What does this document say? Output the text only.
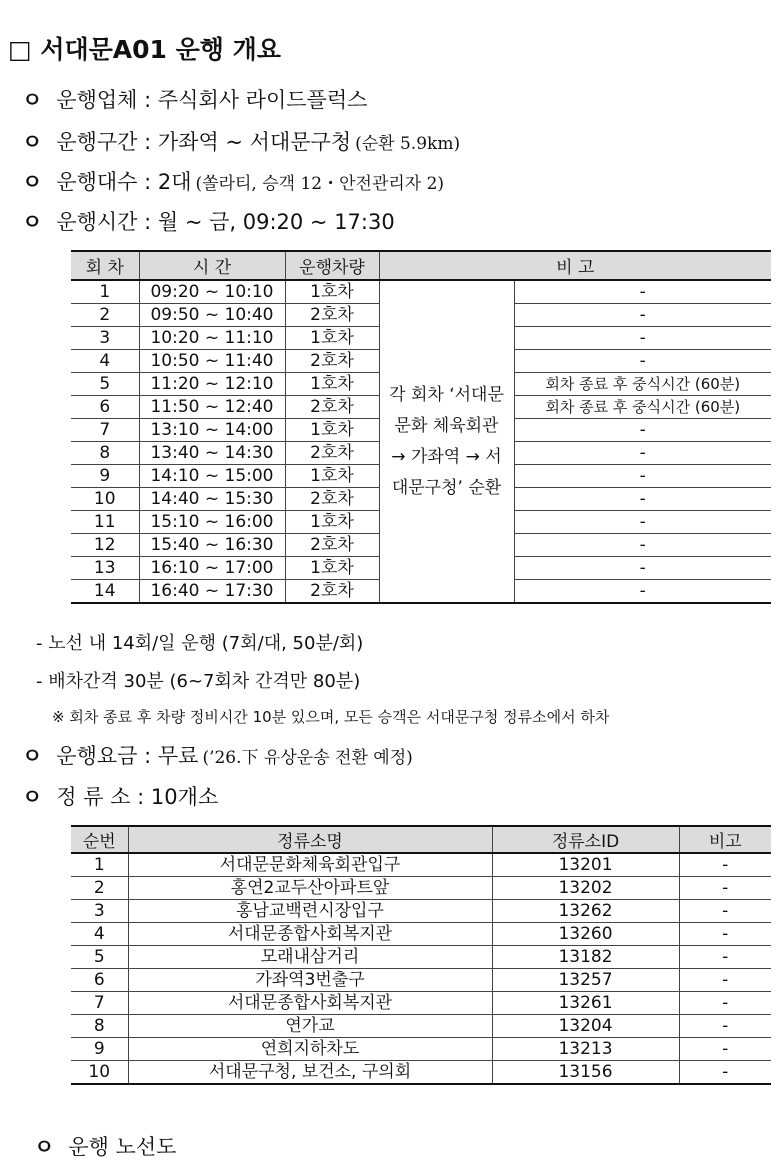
□ 서대문A01 운행 개요
ㅇ 운행업체 : 주식회사 라이드플럭스
ㅇ 운행구간 : 가좌역 ~ 서대문구청 (순환 5.9km)
ㅇ 운행대수 : 2대 (쏠라티, 승객 12・안전관리자 2)
ㅇ 운행시간 : 월 ~ 금, 09:20 ~ 17:30
회 차	시 간	운행차량	비 고	
1	09:20 ~ 10:10	1호차	각 회차 ‘서대문문화 체육회관 → 가좌역 → 서대문구청’ 순환	-
2	09:50 ~ 10:40	2호차		-
3	10:20 ~ 11:10	1호차		-
4	10:50 ~ 11:40	2호차		-
5	11:20 ~ 12:10	1호차		회차 종료 후 중식시간 (60분)
6	11:50 ~ 12:40	2호차		회차 종료 후 중식시간 (60분)
7	13:10 ~ 14:00	1호차		-
8	13:40 ~ 14:30	2호차		-
9	14:10 ~ 15:00	1호차		-
10	14:40 ~ 15:30	2호차		-
11	15:10 ~ 16:00	1호차		-
12	15:40 ~ 16:30	2호차		-
13	16:10 ~ 17:00	1호차		-
14	16:40 ~ 17:30	2호차		-
- 노선 내 14회/일 운행 (7회/대, 50분/회)
- 배차간격 30분 (6~7회차 간격만 80분)
※ 회차 종료 후 차량 정비시간 10분 있으며, 모든 승객은 서대문구청 정류소에서 하차
ㅇ 운행요금 : 무료 (’26.下 유상운송 전환 예정)
ㅇ 정 류 소 : 10개소
순번	정류소명	정류소ID	비고
1	서대문문화체육회관입구	13201	-
2	홍연2교두산아파트앞	13202	-
3	홍남교백련시장입구	13262	-
4	서대문종합사회복지관	13260	-
5	모래내삼거리	13182	-
6	가좌역3번출구	13257	-
7	서대문종합사회복지관	13261	-
8	연가교	13204	-
9	연희지하차도	13213	-
10	서대문구청, 보건소, 구의회	13156	-
ㅇ 운행 노선도
